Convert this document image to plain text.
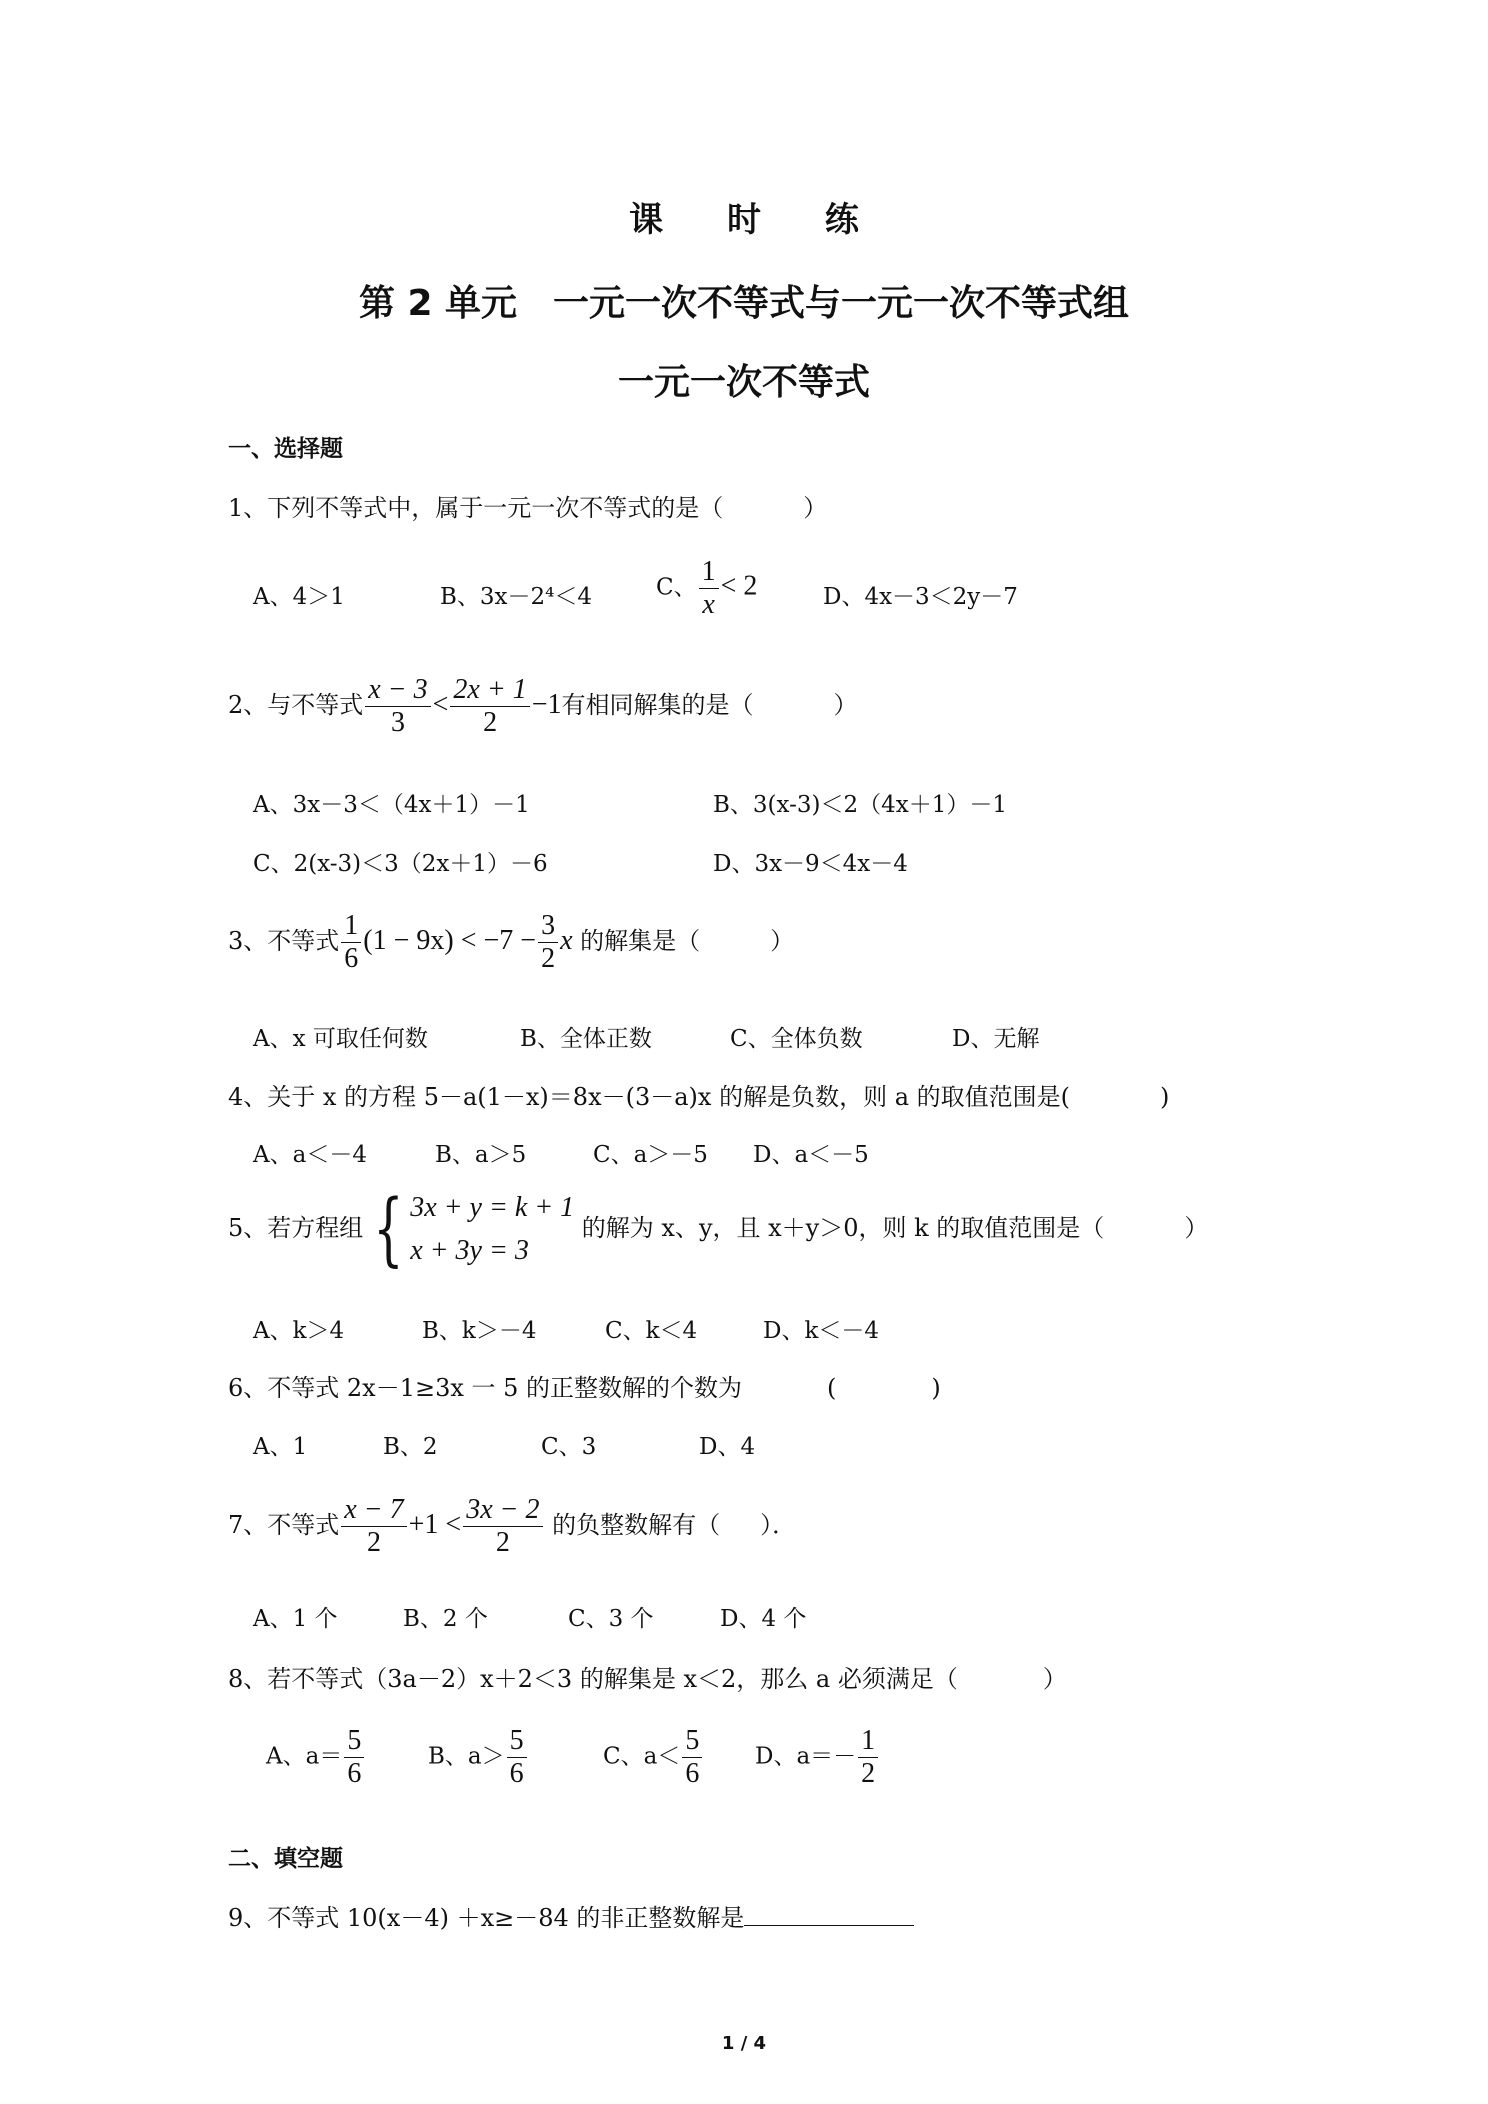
课 时 练
第 2 单元　一元一次不等式与一元一次不等式组
一元一次不等式
一、选择题
1、下列不等式中，属于一元一次不等式的是（	）
A、4＞1	B、3x－2⁴＜4	C、 $\frac{1}{x} < 2$	D、4x－3＜2y－7
2、与不等式 $\frac{x - 3}{3} < \frac{2x + 1}{2} -1$有相同解集的是（	）
A、3x－3＜（4x＋1）－1	B、3(x-3)＜2（4x＋1）－1
C、2(x-3)＜3（2x＋1）－6	D、3x－9＜4x－4
3、不等式 $\frac{1}{6} (1 - 9x) < -7 - \frac{3}{2}$ x 的解集是（	）
A、x 可取任何数	B、全体正数	C、全体负数	D、无解
4、关于 x 的方程 5－a(1－x)＝8x－(3－a)x 的解是负数，则 a 的取值范围是(	)
A、a＜－4	B、a＞5	C、a＞－5 D、a＜－5
5、若方程组 { 3x + y = k + 1
x + 3y = 3
的解为 x、y，且 x＋y＞0，则 k 的取值范围是（	）
A、k＞4	B、k＞－4	C、k＜4	D、k＜－4
6、不等式 2x－1≥3x 一 5 的正整数解的个数为	(	)
A、1	B、2	C、3	D、4
7、不等式 $\frac{x - 7}{2} +1 < \frac{3x - 2}{2}$ 的负整数解有（ ）．
A、1 个	B、2 个	C、3 个	D、4 个
8、若不等式（3a－2）x＋2＜3 的解集是 x＜2，那么 a 必须满足（	）
A、$a= \frac{5}{6}$	B、$a> \frac{5}{6}$	C、$a< \frac{5}{6}$ D、$a=- \frac{1}{2}$
二、填空题
9、不等式 10(x－4) ＋x≥－84 的非正整数解是
1 / 4
